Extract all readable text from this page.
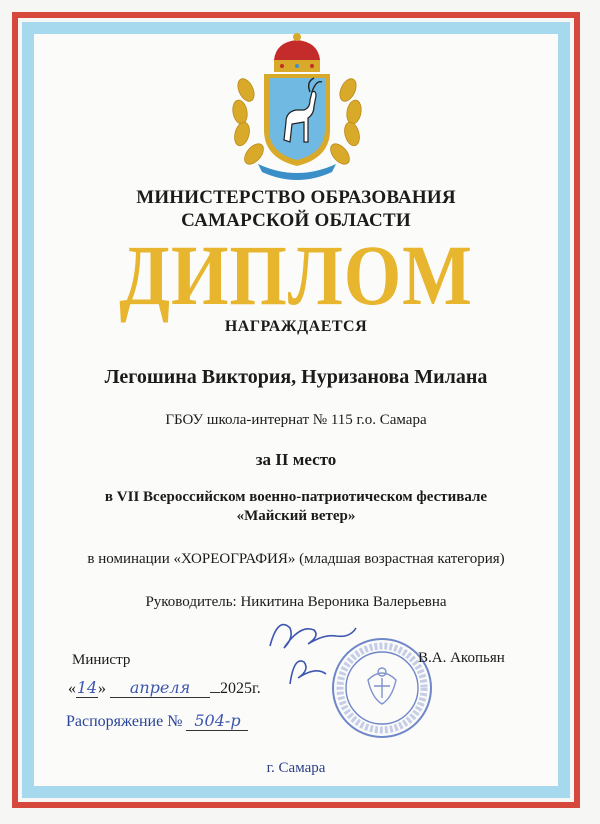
МИНИСТЕРСТВО ОБРАЗОВАНИЯ
САМАРСКОЙ ОБЛАСТИ
ДИПЛОМ
НАГРАЖДАЕТСЯ
Легошина Виктория, Нуризанова Милана
ГБОУ школа-интернат № 115 г.о. Самара
за II место
в VII Всероссийском военно-патриотическом фестивале
«Майский ветер»
в номинации «ХОРЕОГРАФИЯ» (младшая возрастная категория)
Руководитель: Никитина Вероника Валерьевна
Министр	В.А. Акопьян
«14» апреля 2025г.
Распоряжение № 504-р
г. Самара
